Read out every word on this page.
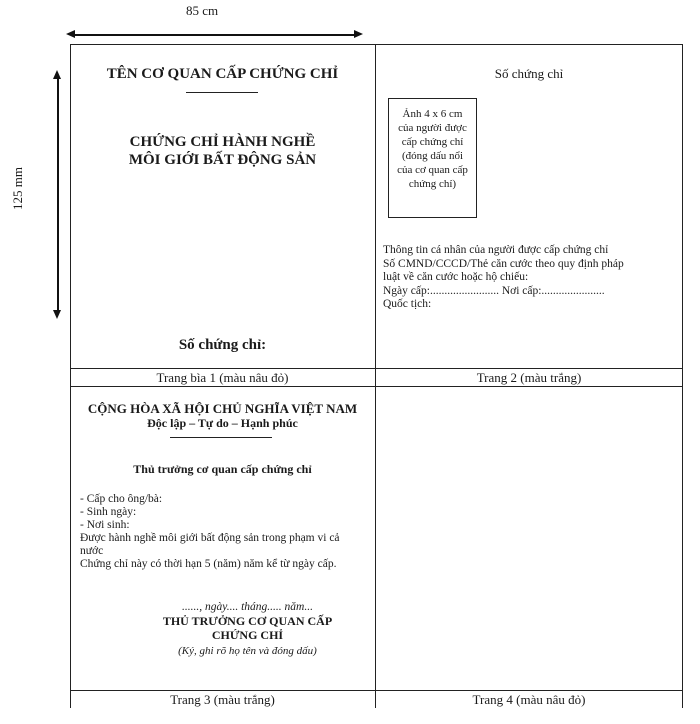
85 cm
125 mm
TÊN CƠ QUAN CẤP CHỨNG CHỈ
CHỨNG CHỈ HÀNH NGHỀ
MÔI GIỚI BẤT ĐỘNG SẢN
Số chứng chỉ:
Trang bìa 1 (màu nâu đỏ)
Số chứng chỉ
Ảnh 4 x 6 cm
của người được
cấp chứng chỉ
(đóng dấu nổi
của cơ quan cấp
chứng chỉ)
Thông tin cá nhân của người được cấp chứng chỉ
Số CMND/CCCD/Thẻ căn cước theo quy định pháp
luật về căn cước hoặc hộ chiếu:
Ngày cấp:........................ Nơi cấp:......................
Quốc tịch:
Trang 2 (màu trắng)
CỘNG HÒA XÃ HỘI CHỦ NGHĨA VIỆT NAM
Độc lập – Tự do – Hạnh phúc
Thủ trưởng cơ quan cấp chứng chỉ
- Cấp cho ông/bà:
- Sinh ngày:
- Nơi sinh:
Được hành nghề môi giới bất động sản trong phạm vi cả
nước
Chứng chỉ này có thời hạn 5 (năm) năm kể từ ngày cấp.
......, ngày.... tháng..... năm...
THỦ TRƯỞNG CƠ QUAN CẤP
CHỨNG CHỈ
(Ký, ghi rõ họ tên và đóng dấu)
Trang 3 (màu trắng)	Trang 4 (màu nâu đỏ)
